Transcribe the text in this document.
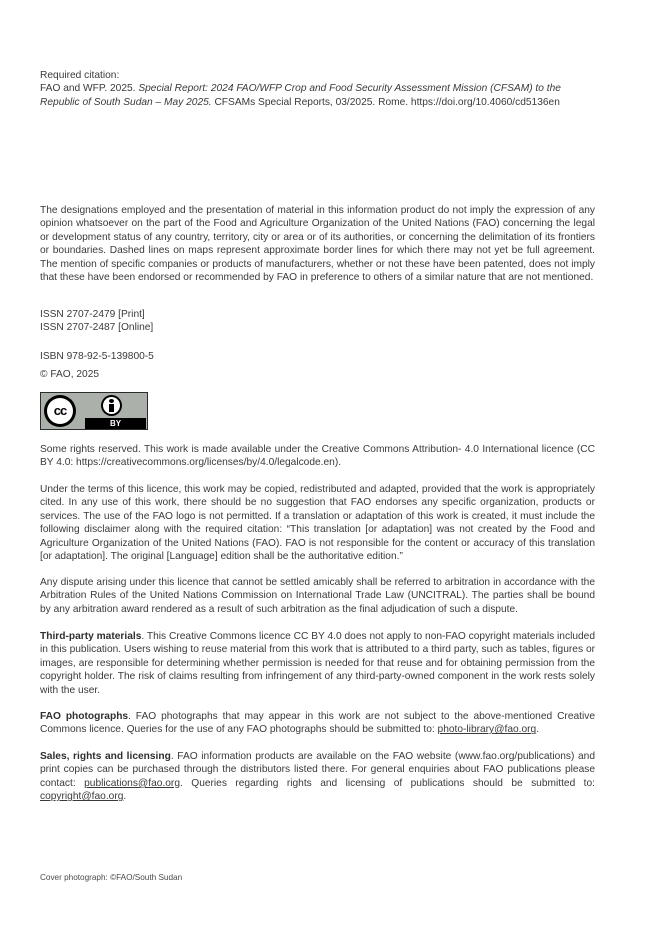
Required citation:
FAO and WFP. 2025. Special Report: 2024 FAO/WFP Crop and Food Security Assessment Mission (CFSAM) to the Republic of South Sudan – May 2025. CFSAMs Special Reports, 03/2025. Rome. https://doi.org/10.4060/cd5136en

The designations employed and the presentation of material in this information product do not imply the expression of any opinion whatsoever on the part of the Food and Agriculture Organization of the United Nations (FAO) concerning the legal or development status of any country, territory, city or area or of its authorities, or concerning the delimitation of its frontiers or boundaries. Dashed lines on maps represent approximate border lines for which there may not yet be full agreement. The mention of specific companies or products of manufacturers, whether or not these have been patented, does not imply that these have been endorsed or recommended by FAO in preference to others of a similar nature that are not mentioned.

ISSN 2707-2479 [Print]
ISSN 2707-2487 [Online]
ISBN 978-92-5-139800-5
© FAO, 2025
cc
BY

Some rights reserved. This work is made available under the Creative Commons Attribution- 4.0 International licence (CC BY 4.0: https://creativecommons.org/licenses/by/4.0/legalcode.en).

Under the terms of this licence, this work may be copied, redistributed and adapted, provided that the work is appropriately cited. In any use of this work, there should be no suggestion that FAO endorses any specific organization, products or services. The use of the FAO logo is not permitted. If a translation or adaptation of this work is created, it must include the following disclaimer along with the required citation: “This translation [or adaptation] was not created by the Food and Agriculture Organization of the United Nations (FAO). FAO is not responsible for the content or accuracy of this translation [or adaptation]. The original [Language] edition shall be the authoritative edition.”

Any dispute arising under this licence that cannot be settled amicably shall be referred to arbitration in accordance with the Arbitration Rules of the United Nations Commission on International Trade Law (UNCITRAL). The parties shall be bound by any arbitration award rendered as a result of such arbitration as the final adjudication of such a dispute.

Third-party materials. This Creative Commons licence CC BY 4.0 does not apply to non-FAO copyright materials included in this publication. Users wishing to reuse material from this work that is attributed to a third party, such as tables, figures or images, are responsible for determining whether permission is needed for that reuse and for obtaining permission from the copyright holder. The risk of claims resulting from infringement of any third-party-owned component in the work rests solely with the user.

FAO photographs. FAO photographs that may appear in this work are not subject to the above-mentioned Creative Commons licence. Queries for the use of any FAO photographs should be submitted to: photo-library@fao.org.

Sales, rights and licensing. FAO information products are available on the FAO website (www.fao.org/publications) and print copies can be purchased through the distributors listed there. For general enquiries about FAO publications please contact: publications@fao.org. Queries regarding rights and licensing of publications should be submitted to: copyright@fao.org.

Cover photograph: ©FAO/South Sudan
